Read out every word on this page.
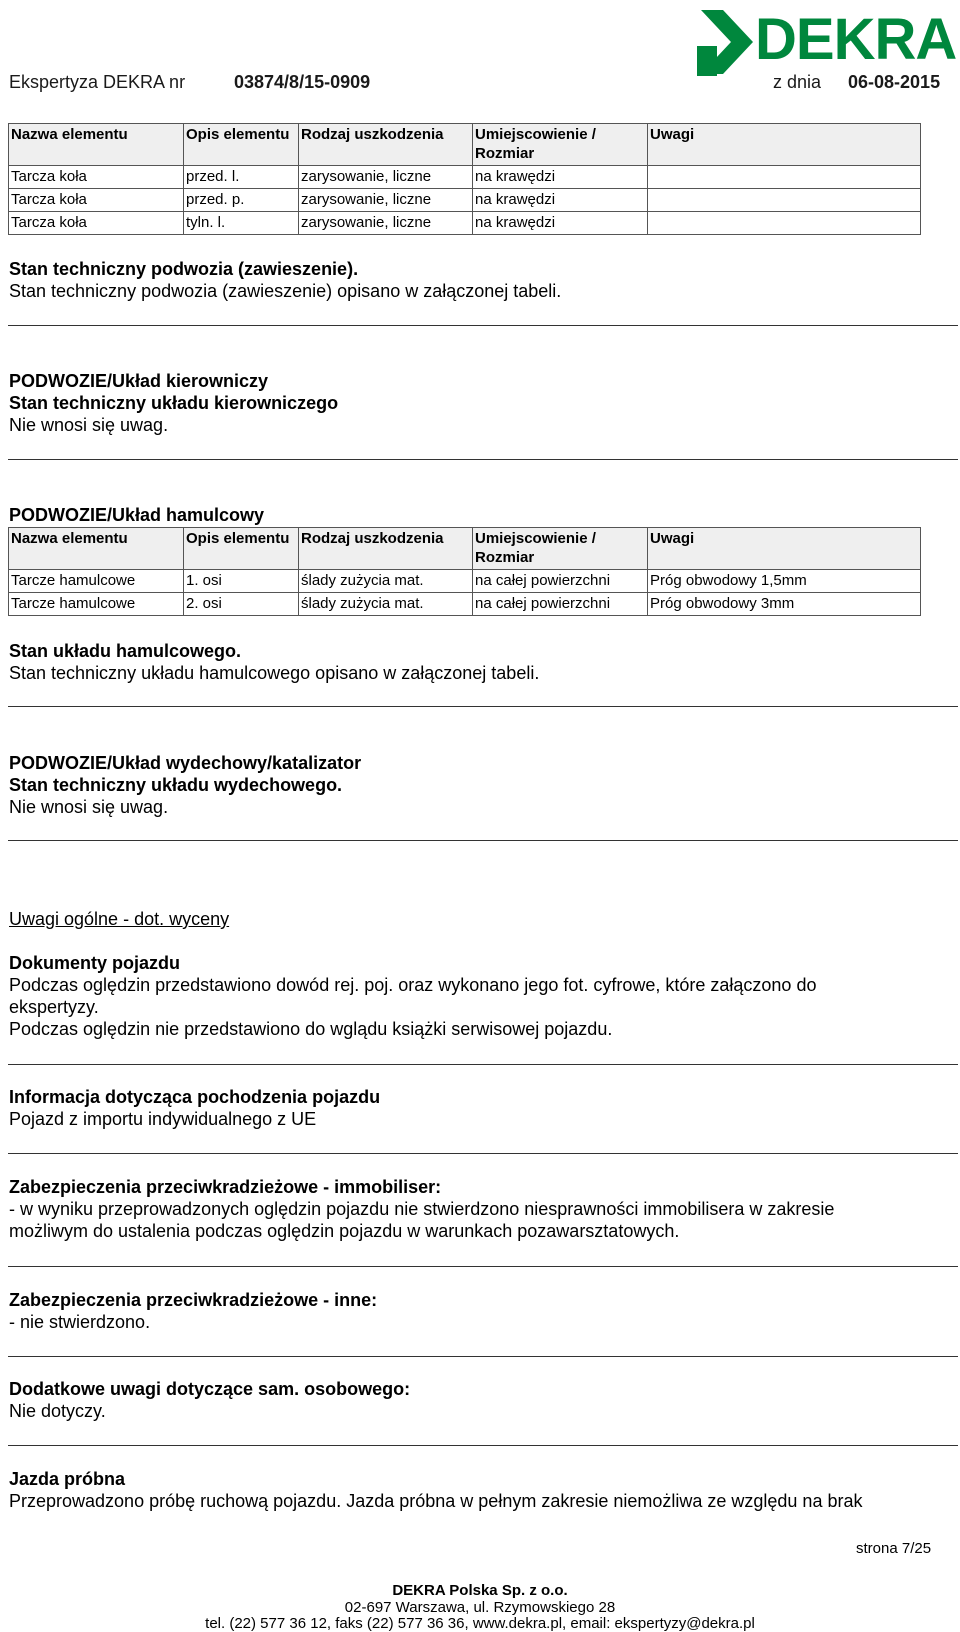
Ekspertyza DEKRA nr	03874/8/15-0909	z dnia 06-08-2015
DEKRA
Nazwa elementu	Opis elementu	Rodzaj uszkodzenia	Umiejscowienie / Rozmiar	Uwagi
Tarcza koła	przed. l.	zarysowanie, liczne	na krawędzi	
Tarcza koła	przed. p.	zarysowanie, liczne	na krawędzi	
Tarcza koła	tyln. l.	zarysowanie, liczne	na krawędzi	
Stan techniczny podwozia (zawieszenie).
Stan techniczny podwozia (zawieszenie) opisano w załączonej tabeli.
PODWOZIE/Układ kierowniczy
Stan techniczny układu kierowniczego
Nie wnosi się uwag.
PODWOZIE/Układ hamulcowy
Nazwa elementu	Opis elementu	Rodzaj uszkodzenia	Umiejscowienie / Rozmiar	Uwagi
Tarcze hamulcowe	1. osi	ślady zużycia mat.	na całej powierzchni	Próg obwodowy 1,5mm
Tarcze hamulcowe	2. osi	ślady zużycia mat.	na całej powierzchni	Próg obwodowy 3mm
Stan układu hamulcowego.
Stan techniczny układu hamulcowego opisano w załączonej tabeli.
PODWOZIE/Układ wydechowy/katalizator
Stan techniczny układu wydechowego.
Nie wnosi się uwag.
Uwagi ogólne - dot. wyceny
Dokumenty pojazdu
Podczas oględzin przedstawiono dowód rej. poj. oraz wykonano jego fot. cyfrowe, które załączono do
ekspertyzy.
Podczas oględzin nie przedstawiono do wglądu książki serwisowej pojazdu.
Informacja dotycząca pochodzenia pojazdu
Pojazd z importu indywidualnego z UE
Zabezpieczenia przeciwkradzieżowe - immobiliser:
- w wyniku przeprowadzonych oględzin pojazdu nie stwierdzono niesprawności immobilisera w zakresie
możliwym do ustalenia podczas oględzin pojazdu w warunkach pozawarsztatowych.
Zabezpieczenia przeciwkradzieżowe - inne:
- nie stwierdzono.
Dodatkowe uwagi dotyczące sam. osobowego:
Nie dotyczy.
Jazda próbna
Przeprowadzono próbę ruchową pojazdu. Jazda próbna w pełnym zakresie niemożliwa ze względu na brak
strona 7/25
DEKRA Polska Sp. z o.o.
02-697 Warszawa, ul. Rzymowskiego 28
tel. (22) 577 36 12, faks (22) 577 36 36, www.dekra.pl, email: ekspertyzy@dekra.pl
